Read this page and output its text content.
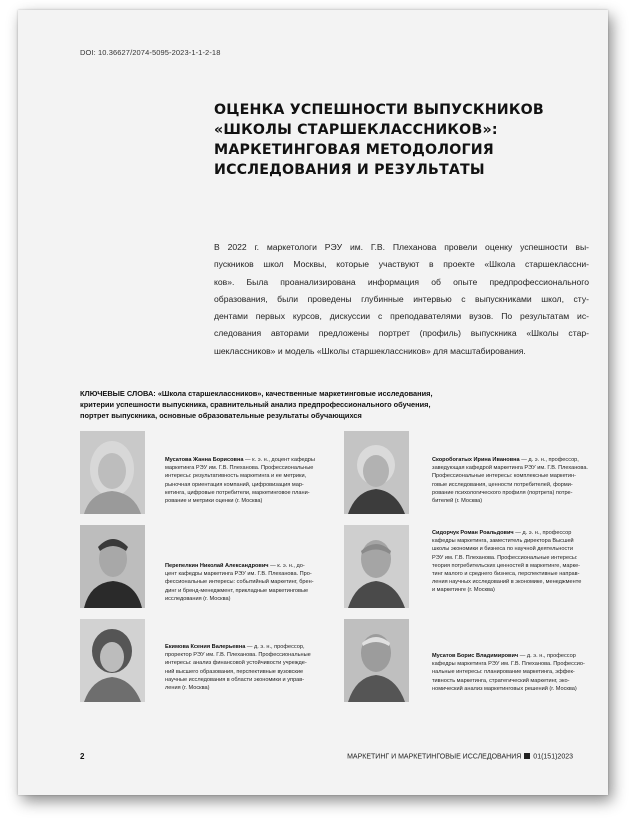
DOI: 10.36627/2074-5095-2023-1-1-2-18
ОЦЕНКА УСПЕШНОСТИ ВЫПУСКНИКОВ
«ШКОЛЫ СТАРШЕКЛАССНИКОВ»:
МАРКЕТИНГОВАЯ МЕТОДОЛОГИЯ
ИССЛЕДОВАНИЯ И РЕЗУЛЬТАТЫ
В 2022 г. маркетологи РЭУ им. Г.В. Плеханова провели оценку успешности вы-
пускников школ Москвы, которые участвуют в проекте «Школа старшеклассни-
ков». Была проанализирована информация об опыте предпрофессионального
образования, были проведены глубинные интервью с выпускниками школ, сту-
дентами первых курсов, дискуссии с преподавателями вузов. По результатам ис-
следования авторами предложены портрет (профиль) выпускника «Школы стар-
шеклассников» и модель «Школы старшеклассников» для масштабирования.
КЛЮЧЕВЫЕ СЛОВА: «Школа старшеклассников», качественные маркетинговые исследования,
критерии успешности выпускника, сравнительный анализ предпрофессионального обучения,
портрет выпускника, основные образовательные результаты обучающихся
Мусатова Жанна Борисовна — к. э. н., доцент кафедры
маркетинга РЭУ им. Г.В. Плеханова. Профессиональные
интересы: результативность маркетинга и ее метрики,
рыночная ориентация компаний, цифровизация мар-
кетинга, цифровые потребители, маркетинговое плани-
рование и метрики оценки (г. Москва)
Перепелкин Николай Александрович — к. э. н., до-
цент кафедры маркетинга РЭУ им. Г.В. Плеханова. Про-
фессиональные интересы: событийный маркетинг, брен-
динг и бренд-менеджмент, прикладные маркетинговые
исследования (г. Москва)
Екимова Ксения Валерьевна — д. э. н., профессор,
проректор РЭУ им. Г.В. Плеханова. Профессиональные
интересы: анализ финансовой устойчивости учрежде-
ний высшего образования, перспективные вузовские
научные исследования в области экономики и управ-
ления (г. Москва)
Скоробогатых Ирина Ивановна — д. э. н., профессор,
заведующая кафедрой маркетинга РЭУ им. Г.В. Плеханова.
Профессиональные интересы: комплексные маркетин-
говые исследования, ценности потребителей, форми-
рование психологического профиля (портрета) потре-
бителей (г. Москва)
Сидорчук Роман Роальдович — д. э. н., профессор
кафедры маркетинга, заместитель директора Высшей
школы экономики и бизнеса по научной деятельности
РЭУ им. Г.В. Плеханова. Профессиональные интересы:
теория потребительских ценностей в маркетинге, марке-
тинг малого и среднего бизнеса, перспективные направ-
ления научных исследований в экономике, менеджменте
и маркетинге (г. Москва)
Мусатов Борис Владимирович — д. э. н., профессор
кафедры маркетинга РЭУ им. Г.В. Плеханова. Профессио-
нальные интересы: планирование маркетинга, эффек-
тивность маркетинга, стратегический маркетинг, эко-
номический анализ маркетинговых решений (г. Москва)
2	МАРКЕТИНГ И МАРКЕТИНГОВЫЕ ИССЛЕДОВАНИЯ 01(151)2023
